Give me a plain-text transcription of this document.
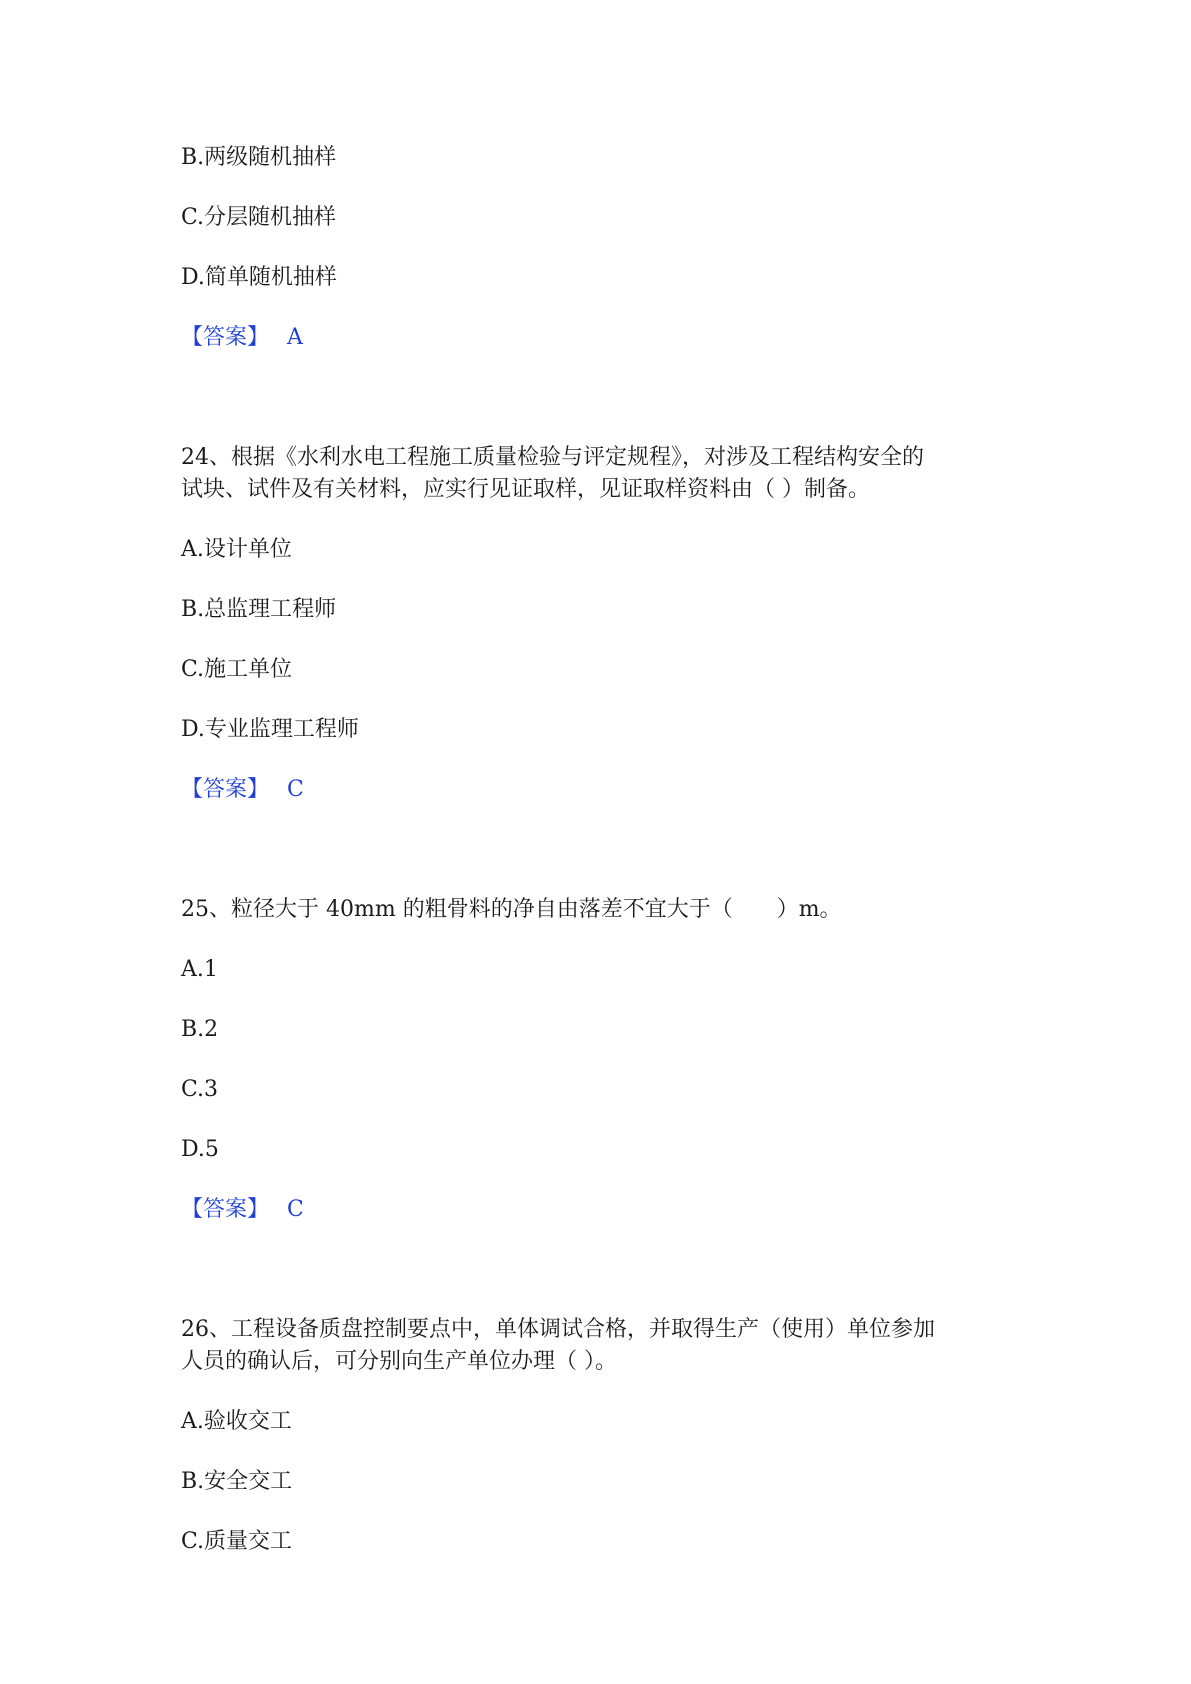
B.两级随机抽样
C.分层随机抽样
D.简单随机抽样
【答案】 A
24、根据《水利水电工程施工质量检验与评定规程》，对涉及工程结构安全的
试块、试件及有关材料，应实行见证取样，见证取样资料由（ ）制备。
A.设计单位
B.总监理工程师
C.施工单位
D.专业监理工程师
【答案】 C
25、粒径大于 40mm 的粗骨料的净自由落差不宜大于（　　）m。
A.1
B.2
C.3
D.5
【答案】 C
26、工程设备质盘控制要点中，单体调试合格，并取得生产（使用）单位参加
人员的确认后，可分别向生产单位办理（ ）。
A.验收交工
B.安全交工
C.质量交工
